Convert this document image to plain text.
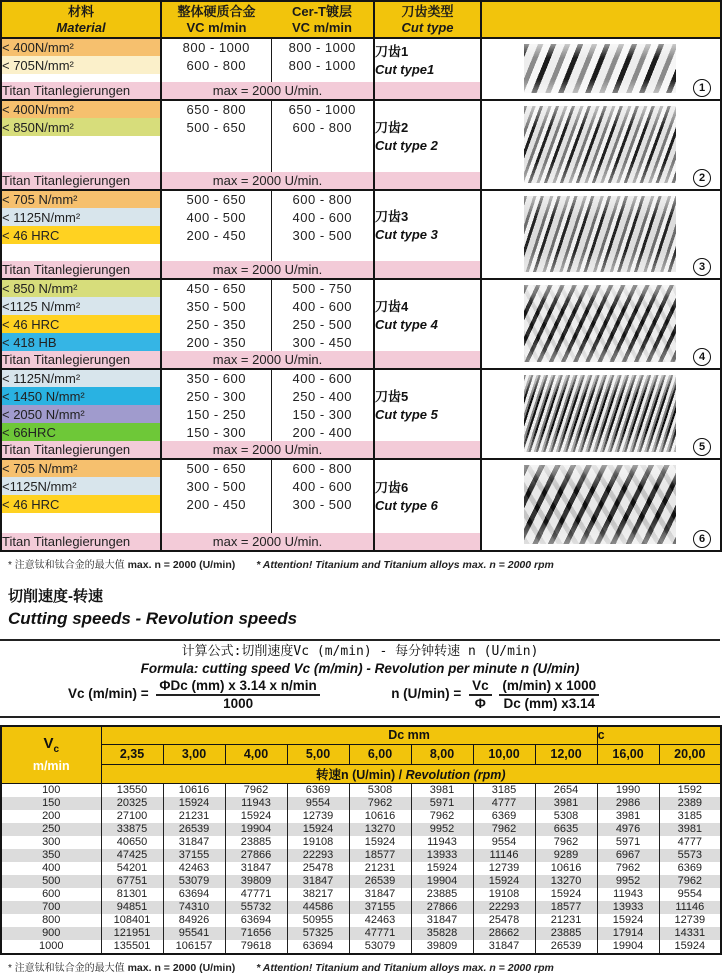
材料
Material

整体硬质合金
VC m/min

Cer-T镀层
VC m/min

刀齿类型
Cut type

< 400N/mm²	800 - 1000	800 - 1000	刀齿1
Cut type1	1

< 705N/mm²	600 - 800	800 - 1000		

Titan Titanlegierungen	max = 2000 U/min.			
< 400N/mm²	650 - 800	650 - 1000	刀齿2
Cut type 2	2

< 850N/mm²	500 - 650	600 - 800		

Titan Titanlegierungen	max = 2000 U/min.			
< 705 N/mm²	500 - 650	600 - 800	刀齿3
Cut type 3	3

< 1125N/mm²	400 - 500	400 - 600		
< 46 HRC	200 - 450	300 - 500		

Titan Titanlegierungen	max = 2000 U/min.			
< 850 N/mm²	450 - 650	500 - 750	刀齿4
Cut type 4	4

<1125 N/mm²	350 - 500	400 - 600		
< 46 HRC	250 - 350	250 - 500		
< 418 HB	200 - 350	300 - 450		
Titan Titanlegierungen	max = 2000 U/min.			
< 1125N/mm²	350 - 600	400 - 600	刀齿5
Cut type 5	5

< 1450 N/mm²	250 - 300	250 - 400		
< 2050 N/mm²	150 - 250	150 - 300		
< 66HRC	150 - 300	200 - 400		
Titan Titanlegierungen	max = 2000 U/min.			
< 705 N/mm²	500 - 650	600 - 800	刀齿6
Cut type 6	6

<1125N/mm²	300 - 500	400 - 600		
< 46 HRC	200 - 450	300 - 500		

Titan Titanlegierungen	max = 2000 U/min.			
* 注意钛和钛合金的最大值 max. n = 2000 (U/min) * Attention! Titanium and Titanium alloys max. n = 2000 rpm
切削速度-转速
Cutting speeds - Revolution speeds
计算公式:切削速度Vc (m/min) - 每分钟转速 n (U/min)
Formula: cutting speed Vc (m/min) - Revolution per minute n (U/min)
Vc $(m/\min) = \frac{\text{ΦDc (mm) x 3.14 x n/min}}{1000}$	n $(U/\min) = \frac{Vc}{\Phi}$
$\frac{(m/\min) x 1000}{Dc (mm) x3.14}$
$V_c$
m/min	Dc mm								c	
	2,35	3,00	4,00	5,00	6,00	8,00	10,00	12,00	16,00	20,00
	转速n (U/min) / Revolution (rpm)									
100	13550	10616	7962	6369	5308	3981	3185	2654	1990	1592
150	20325	15924	11943	9554	7962	5971	4777	3981	2986	2389
200	27100	21231	15924	12739	10616	7962	6369	5308	3981	3185
250	33875	26539	19904	15924	13270	9952	7962	6635	4976	3981
300	40650	31847	23885	19108	15924	11943	9554	7962	5971	4777
350	47425	37155	27866	22293	18577	13933	11146	9289	6967	5573
400	54201	42463	31847	25478	21231	15924	12739	10616	7962	6369
500	67751	53079	39809	31847	26539	19904	15924	13270	9952	7962
600	81301	63694	47771	38217	31847	23885	19108	15924	11943	9554
700	94851	74310	55732	44586	37155	27866	22293	18577	13933	11146
800	108401	84926	63694	50955	42463	31847	25478	21231	15924	12739
900	121951	95541	71656	57325	47771	35828	28662	23885	17914	14331
1000	135501	106157	79618	63694	53079	39809	31847	26539	19904	15924
* 注意钛和钛合金的最大值 max. n = 2000 (U/min) * Attention! Titanium and Titanium alloys max. n = 2000 rpm
